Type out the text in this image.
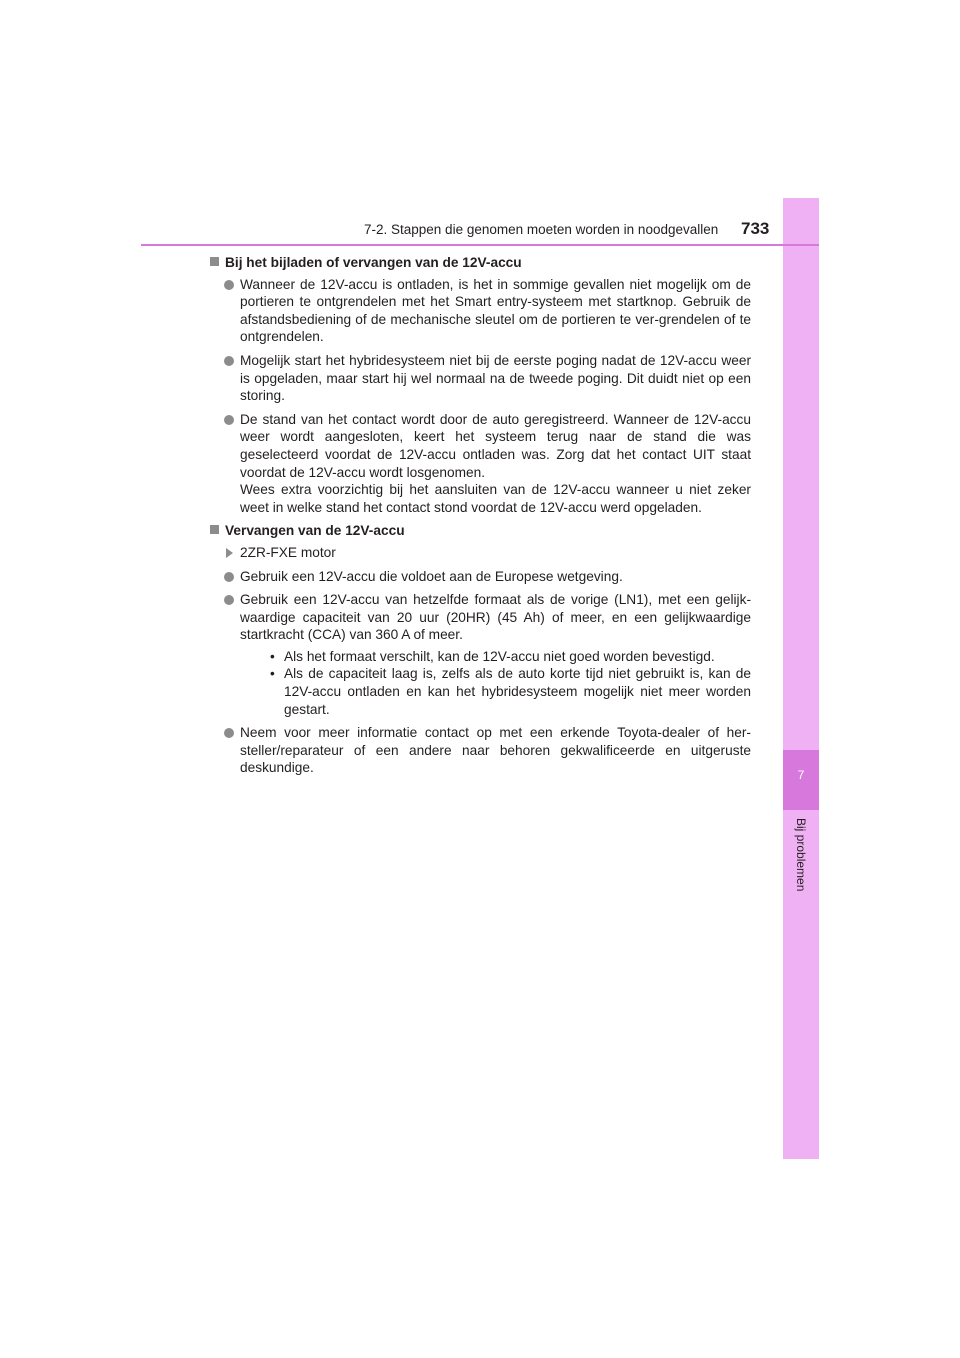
7
Bij problemen
7-2. Stappen die genomen moeten worden in noodgevallen 733
Bij het bijladen of vervangen van de 12V-accu

Wanneer de 12V-accu is ontladen, is het in sommige gevallen niet mogelijk om de portieren te ontgrendelen met het Smart entry-systeem met startknop. Gebruik de afstandsbediening of de mechanische sleutel om de portieren te ver-grendelen of te ontgrendelen.

Mogelijk start het hybridesysteem niet bij de eerste poging nadat de 12V-accu weer is opgeladen, maar start hij wel normaal na de tweede poging. Dit duidt niet op een storing.

De stand van het contact wordt door de auto geregistreerd. Wanneer de 12V-accu weer wordt aangesloten, keert het systeem terug naar de stand die was geselecteerd voordat de 12V-accu ontladen was. Zorg dat het contact UIT staat voordat de 12V-accu wordt losgenomen.

Wees extra voorzichtig bij het aansluiten van de 12V-accu wanneer u niet zeker weet in welke stand het contact stond voordat de 12V-accu werd opgeladen.

Vervangen van de 12V-accu

2ZR-FXE motor

Gebruik een 12V-accu die voldoet aan de Europese wetgeving.

Gebruik een 12V-accu van hetzelfde formaat als de vorige (LN1), met een gelijk-waardige capaciteit van 20 uur (20HR) (45 Ah) of meer, en een gelijkwaardige startkracht (CCA) van 360 A of meer.

• Als het formaat verschilt, kan de 12V-accu niet goed worden bevestigd.
• Als de capaciteit laag is, zelfs als de auto korte tijd niet gebruikt is, kan de 12V-accu ontladen en kan het hybridesysteem mogelijk niet meer worden gestart.

Neem voor meer informatie contact op met een erkende Toyota-dealer of her-steller/reparateur of een andere naar behoren gekwalificeerde en uitgeruste deskundige.
